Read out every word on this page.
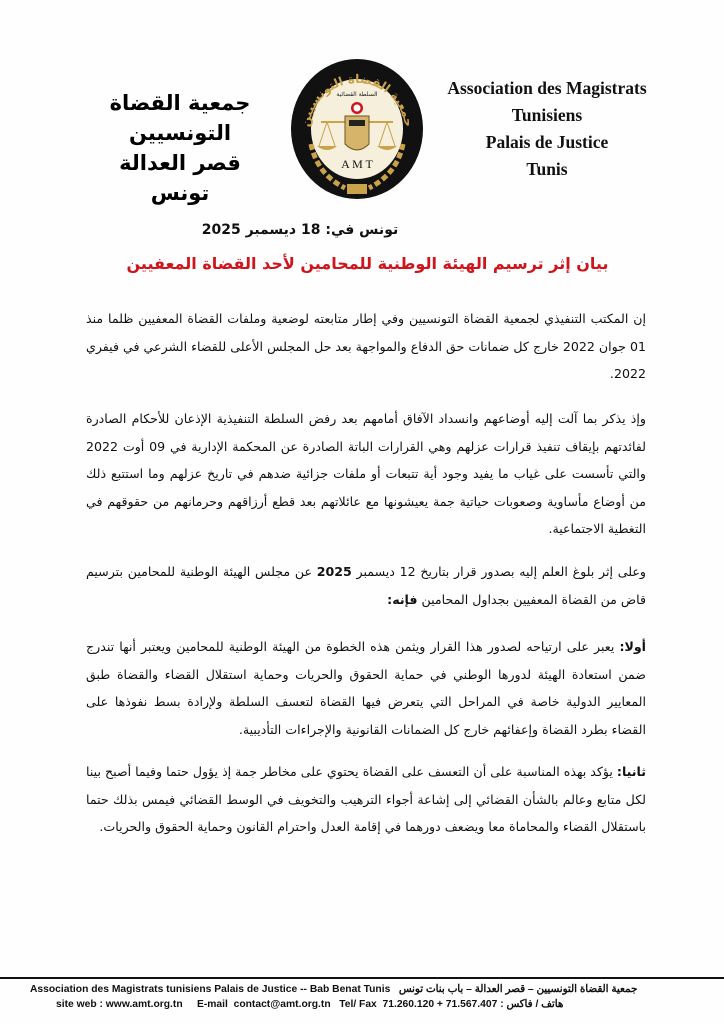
جمعية القضاة التونسيين
قصر العدالة
تونس
جمعية القضاة التونسيين
السلطة القضائية
A M T
Association des Magistrats
Tunisiens
Palais de Justice
Tunis
تونس في: 18 ديسمبر 2025
بيان إثر ترسيم الهيئة الوطنية للمحامين لأحد القضاة المعفيين

إن المكتب التنفيذي لجمعية القضاة التونسيين وفي إطار متابعته لوضعية وملفات القضاة المعفيين ظلما منذ 01 جوان 2022 خارج كل ضمانات حق الدفاع والمواجهة بعد حل المجلس الأعلى للقضاء الشرعي في فيفري 2022.

وإذ يذكر بما آلت إليه أوضاعهم وانسداد الآفاق أمامهم بعد رفض السلطة التنفيذية الإذعان للأحكام الصادرة لفائدتهم بإيقاف تنفيذ قرارات عزلهم وهي القرارات الباتة الصادرة عن المحكمة الإدارية في 09 أوت 2022 والتي تأسست على غياب ما يفيد وجود أية تتبعات أو ملفات جزائية ضدهم في تاريخ عزلهم وما استتبع ذلك من أوضاع مأساوية وصعوبات حياتية جمة يعيشونها مع عائلاتهم بعد قطع أرزاقهم وحرمانهم من حقوقهم في التغطية الاجتماعية.

وعلى إثر بلوغ العلم إليه بصدور قرار بتاريخ 12 ديسمبر 2025 عن مجلس الهيئة الوطنية للمحامين بترسيم قاض من القضاة المعفيين بجداول المحامين فإنه:

أولا: يعبر على ارتياحه لصدور هذا القرار ويثمن هذه الخطوة من الهيئة الوطنية للمحامين ويعتبر أنها تندرج ضمن استعادة الهيئة لدورها الوطني في حماية الحقوق والحريات وحماية استقلال القضاء والقضاة طبق المعايير الدولية خاصة في المراحل التي يتعرض فيها القضاة لتعسف السلطة ولإرادة بسط نفوذها على القضاء بطرد القضاة وإعفائهم خارج كل الضمانات القانونية والإجراءات التأديبية.

ثانيا: يؤكد بهذه المناسبة على أن التعسف على القضاة يحتوي على مخاطر جمة إذ يؤول حتما وفيما أصبح بينا لكل متابع وعالم بالشأن القضائي إلى إشاعة أجواء الترهيب والتخويف في الوسط القضائي فيمس بذلك حتما باستقلال القضاء والمحاماة معا ويضعف دورهما في إقامة العدل واحترام القانون وحماية الحقوق والحريات.

Association des Magistrats tunisiens Palais de Justice -- Bab Benat Tunis جمعية القضاة التونسيين – قصر العدالة – باب بنات تونس
site web : www.amt.org.tn E-mail contact@amt.org.tn Tel/ Fax 71.260.120 + 71.567.407 هاتف / فاكس :
